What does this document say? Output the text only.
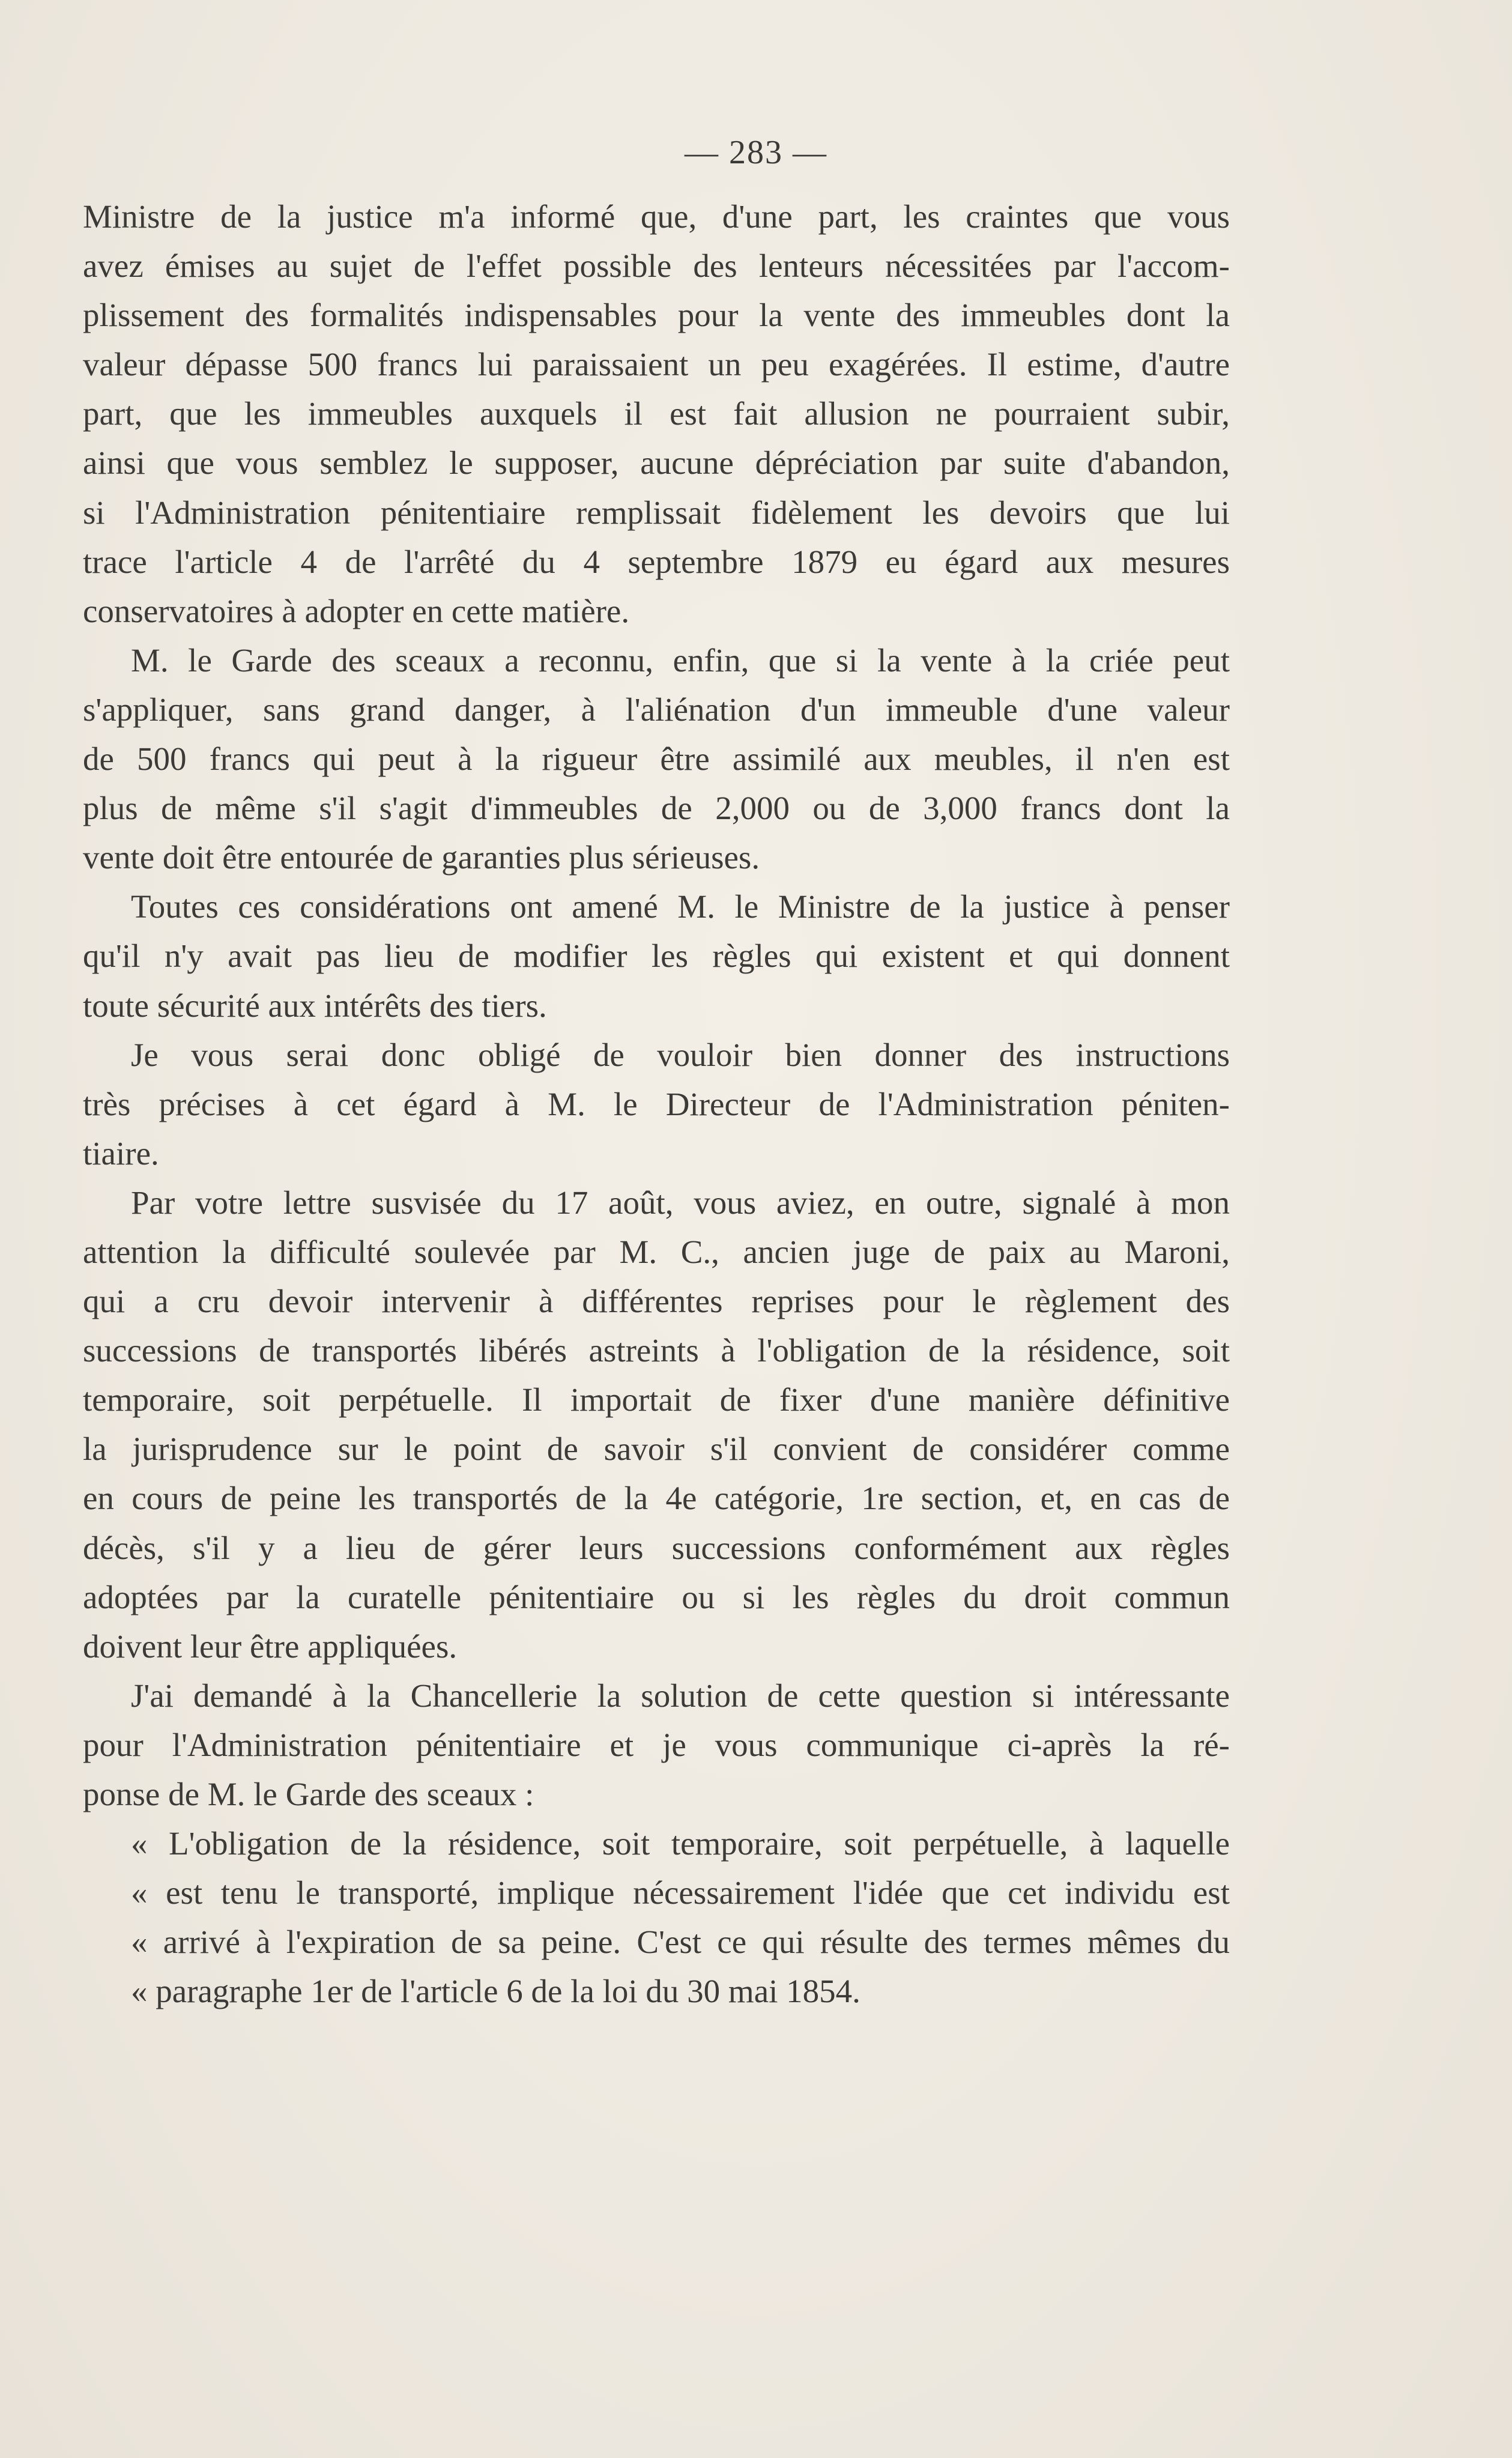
— 283 —
Ministre de la justice m'a informé que, d'une part, les craintes que vous
avez émises au sujet de l'effet possible des lenteurs nécessitées par l'accom-
plissement des formalités indispensables pour la vente des immeubles dont la
valeur dépasse 500 francs lui paraissaient un peu exagérées. Il estime, d'autre
part, que les immeubles auxquels il est fait allusion ne pourraient subir,
ainsi que vous semblez le supposer, aucune dépréciation par suite d'abandon,
si l'Administration pénitentiaire remplissait fidèlement les devoirs que lui
trace l'article 4 de l'arrêté du 4 septembre 1879 eu égard aux mesures
conservatoires à adopter en cette matière.
M. le Garde des sceaux a reconnu, enfin, que si la vente à la criée peut
s'appliquer, sans grand danger, à l'aliénation d'un immeuble d'une valeur
de 500 francs qui peut à la rigueur être assimilé aux meubles, il n'en est
plus de même s'il s'agit d'immeubles de 2,000 ou de 3,000 francs dont la
vente doit être entourée de garanties plus sérieuses.
Toutes ces considérations ont amené M. le Ministre de la justice à penser
qu'il n'y avait pas lieu de modifier les règles qui existent et qui donnent
toute sécurité aux intérêts des tiers.
Je vous serai donc obligé de vouloir bien donner des instructions
très précises à cet égard à M. le Directeur de l'Administration péniten-
tiaire.
Par votre lettre susvisée du 17 août, vous aviez, en outre, signalé à mon
attention la difficulté soulevée par M. C., ancien juge de paix au Maroni,
qui a cru devoir intervenir à différentes reprises pour le règlement des
successions de transportés libérés astreints à l'obligation de la résidence, soit
temporaire, soit perpétuelle. Il importait de fixer d'une manière définitive
la jurisprudence sur le point de savoir s'il convient de considérer comme
en cours de peine les transportés de la 4e catégorie, 1re section, et, en cas de
décès, s'il y a lieu de gérer leurs successions conformément aux règles
adoptées par la curatelle pénitentiaire ou si les règles du droit commun
doivent leur être appliquées.
J'ai demandé à la Chancellerie la solution de cette question si intéressante
pour l'Administration pénitentiaire et je vous communique ci-après la ré-
ponse de M. le Garde des sceaux :
« L'obligation de la résidence, soit temporaire, soit perpétuelle, à laquelle
« est tenu le transporté, implique nécessairement l'idée que cet individu est
« arrivé à l'expiration de sa peine. C'est ce qui résulte des termes mêmes du
« paragraphe 1er de l'article 6 de la loi du 30 mai 1854.
